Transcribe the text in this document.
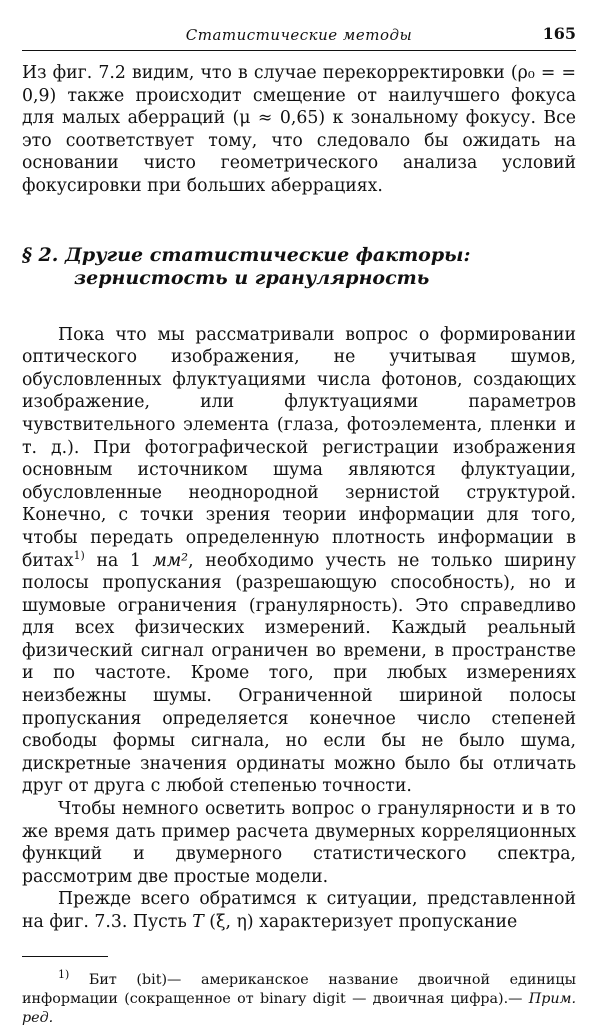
Статистические методы	165

Из фиг. 7.2 видим, что в случае перекорректировки (ρ₀ = = 0,9) также происходит смещение от наилучшего фокуса для малых аберраций (μ ≈ 0,65) к зональному фокусу. Все это соответствует тому, что следовало бы ожидать на основании чисто геометрического анализа условий фокусировки при больших аберрациях.

§ 2. Другие статистические факторы:
зернистость и гранулярность

Пока что мы рассматривали вопрос о формировании оптического изображения, не учитывая шумов, обусловленных флуктуациями числа фотонов, создающих изображение, или флуктуациями параметров чувствительного элемента (глаза, фотоэлемента, пленки и т. д.). При фотографической регистрации изображения основным источником шума являются флуктуации, обусловленные неоднородной зернистой структурой. Конечно, с точки зрения теории информации для того, чтобы передать определенную плотность информации в битах$^{1)}$ на 1 мм², необходимо учесть не только ширину полосы пропускания (разрешающую способность), но и шумовые ограничения (гранулярность). Это справедливо для всех физических измерений. Каждый реальный физический сигнал ограничен во времени, в пространстве и по частоте. Кроме того, при любых измерениях неизбежны шумы. Ограниченной шириной полосы пропускания определяется конечное число степеней свободы формы сигнала, но если бы не было шума, дискретные значения ординаты можно было бы отличать друг от друга с любой степенью точности.

Чтобы немного осветить вопрос о гранулярности и в то же время дать пример расчета двумерных корреляционных функций и двумерного статистического спектра, рассмотрим две простые модели.

Прежде всего обратимся к ситуации, представленной на фиг. 7.3. Пусть T (ξ, η) характеризует пропускание

$^{1)}$ Бит (bit)— американское название двоичной единицы информации (сокращенное от binary digit — двоичная цифра).— Прим. ред.
